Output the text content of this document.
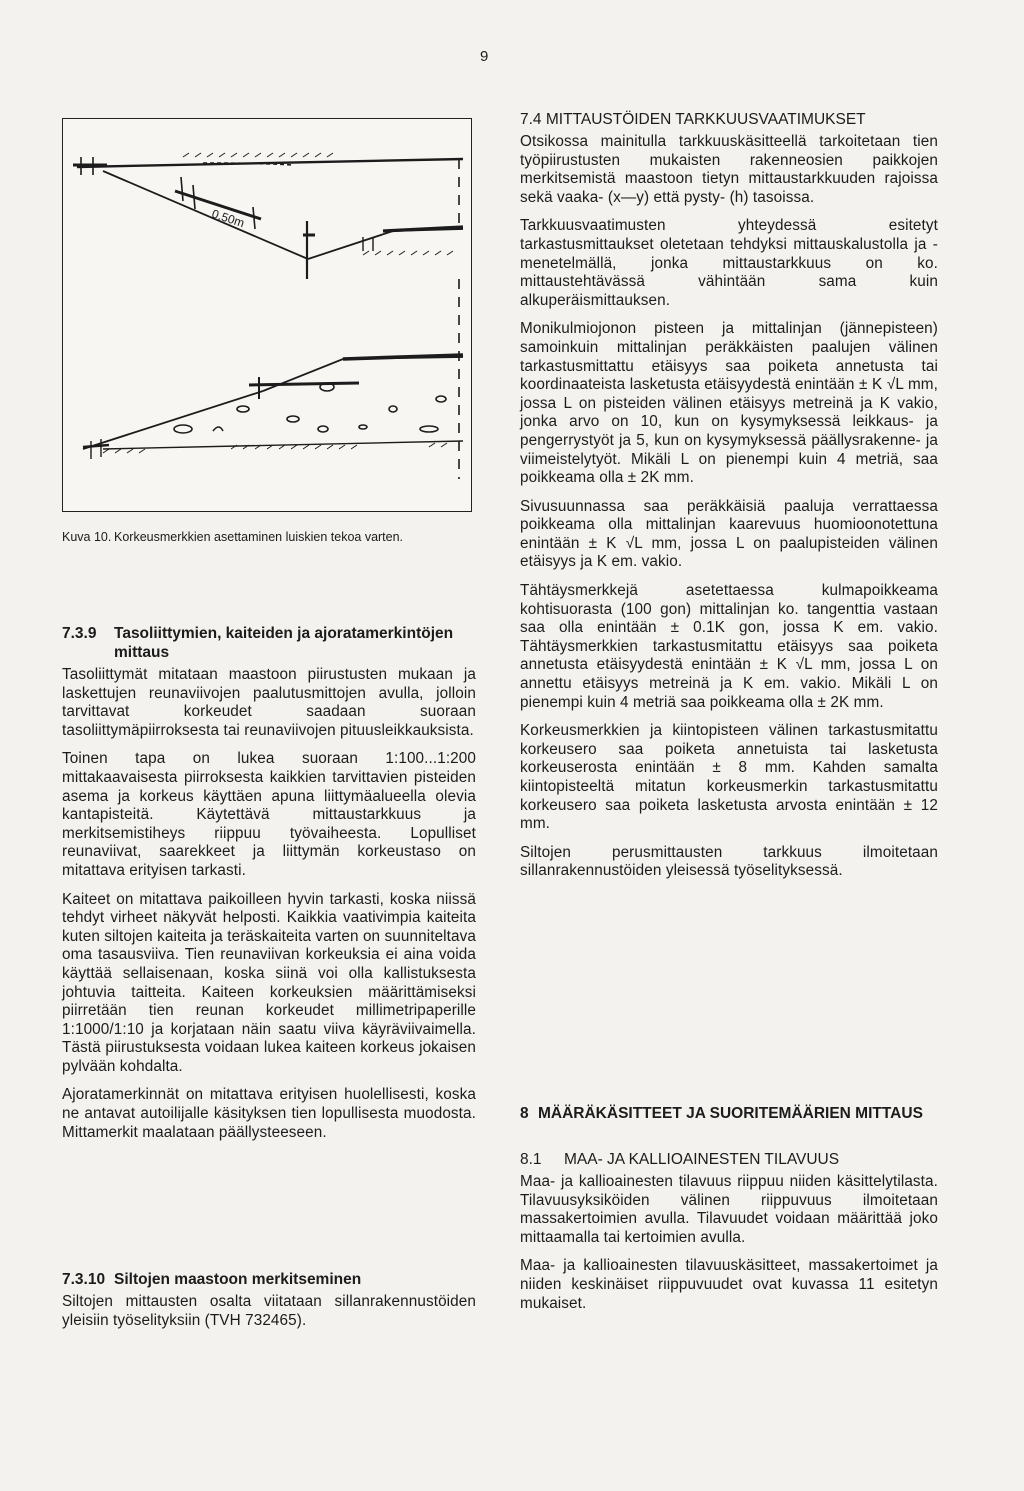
9
0,50m
Kuva 10. Korkeusmerkkien asettaminen luiskien tekoa varten.
7.3.9	Tasoliittymien, kaiteiden ja ajoratamerkintöjen mittaus

Tasoliittymät mitataan maastoon piirustusten mukaan ja laskettujen reunaviivojen paalutusmittojen avulla, jolloin tarvittavat korkeudet saadaan suoraan tasoliittymäpiirroksesta tai reunaviivojen pituusleikkauksista.

Toinen tapa on lukea suoraan 1:100...1:200 mittakaavaisesta piirroksesta kaikkien tarvittavien pisteiden asema ja korkeus käyttäen apuna liittymäalueella olevia kantapisteitä. Käytettävä mittaustarkkuus ja merkitsemistiheys riippuu työvaiheesta. Lopulliset reunaviivat, saarekkeet ja liittymän korkeustaso on mitattava erityisen tarkasti.

Kaiteet on mitattava paikoilleen hyvin tarkasti, koska niissä tehdyt virheet näkyvät helposti. Kaikkia vaativimpia kaiteita kuten siltojen kaiteita ja teräskaiteita varten on suunniteltava oma tasausviiva. Tien reunaviivan korkeuksia ei aina voida käyttää sellaisenaan, koska siinä voi olla kallistuksesta johtuvia taitteita. Kaiteen korkeuksien määrittämiseksi piirretään tien reunan korkeudet millimetripaperille 1:1000/1:10 ja korjataan näin saatu viiva käyräviivaimella. Tästä piirustuksesta voidaan lukea kaiteen korkeus jokaisen pylvään kohdalta.

Ajoratamerkinnät on mitattava erityisen huolellisesti, koska ne antavat autoilijalle käsityksen tien lopullisesta muodosta. Mittamerkit maalataan päällysteeseen.

7.3.10 Siltojen maastoon merkitseminen

Siltojen mittausten osalta viitataan sillanrakennustöiden yleisiin työselityksiin (TVH 732465).

7.4 MITTAUSTÖIDEN TARKKUUSVAATIMUKSET

Otsikossa mainitulla tarkkuuskäsitteellä tarkoitetaan tien työpiirustusten mukaisten rakenneosien paikkojen merkitsemistä maastoon tietyn mittaustarkkuuden rajoissa sekä vaaka- (x—y) että pysty- (h) tasoissa.

Tarkkuusvaatimusten yhteydessä esitetyt tarkastusmittaukset oletetaan tehdyksi mittauskalustolla ja -menetelmällä, jonka mittaustarkkuus on ko. mittaustehtävässä vähintään sama kuin alkuperäismittauksen.

Monikulmiojonon pisteen ja mittalinjan (jännepisteen) samoinkuin mittalinjan peräkkäisten paalujen välinen tarkastusmittattu etäisyys saa poiketa annetusta tai koordinaateista lasketusta etäisyydestä enintään ± K √L mm, jossa L on pisteiden välinen etäisyys metreinä ja K vakio, jonka arvo on 10, kun on kysymyksessä leikkaus- ja pengerrystyöt ja 5, kun on kysymyksessä päällysrakenne- ja viimeistelytyöt. Mikäli L on pienempi kuin 4 metriä, saa poikkeama olla ± 2K mm.

Sivusuunnassa saa peräkkäisiä paaluja verrattaessa poikkeama olla mittalinjan kaarevuus huomioonotettuna enintään ± K √L mm, jossa L on paalupisteiden välinen etäisyys ja K em. vakio.

Tähtäysmerkkejä asetettaessa kulmapoikkeama kohtisuorasta (100 gon) mittalinjan ko. tangenttia vastaan saa olla enintään ± 0.1K gon, jossa K em. vakio. Tähtäysmerkkien tarkastusmitattu etäisyys saa poiketa annetusta etäisyydestä enintään ± K √L mm, jossa L on annettu etäisyys metreinä ja K em. vakio. Mikäli L on pienempi kuin 4 metriä saa poikkeama olla ± 2K mm.

Korkeusmerkkien ja kiintopisteen välinen tarkastusmitattu korkeusero saa poiketa annetuista tai lasketusta korkeuserosta enintään ± 8 mm. Kahden samalta kiintopisteeltä mitatun korkeusmerkin tarkastusmitattu korkeusero saa poiketa lasketusta arvosta enintään ± 12 mm.

Siltojen perusmittausten tarkkuus ilmoitetaan sillanrakennustöiden yleisessä työselityksessä.

8 MÄÄRÄKÄSITTEET JA SUORITEMÄÄRIEN MITTAUS
8.1	MAA- JA KALLIOAINESTEN TILAVUUS

Maa- ja kallioainesten tilavuus riippuu niiden käsittelytilasta. Tilavuusyksiköiden välinen riippuvuus ilmoitetaan massakertoimien avulla. Tilavuudet voidaan määrittää joko mittaamalla tai kertoimien avulla.

Maa- ja kallioainesten tilavuuskäsitteet, massakertoimet ja niiden keskinäiset riippuvuudet ovat kuvassa 11 esitetyn mukaiset.
